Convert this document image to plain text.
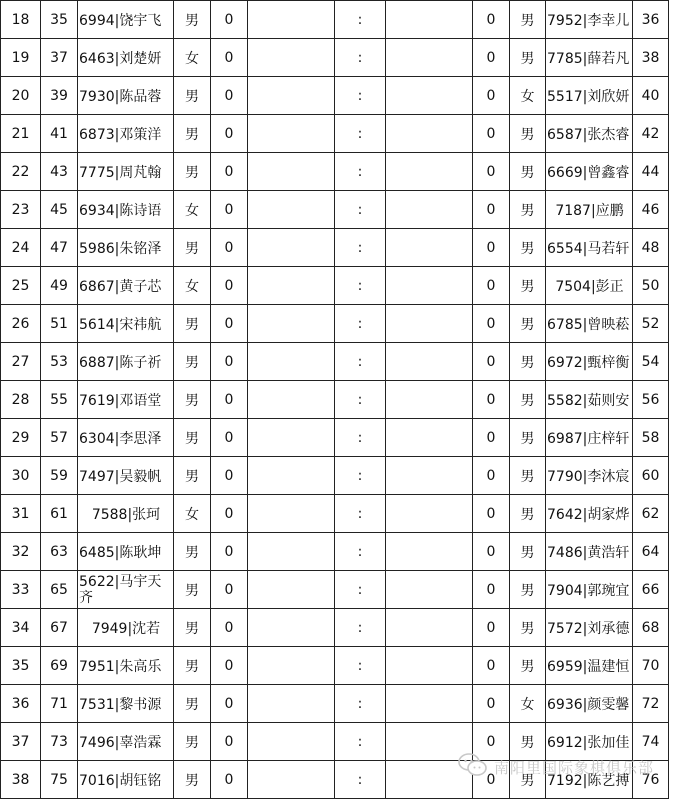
18	35	6994|饶宇飞	男	0		:		0	男	7952|李幸儿	36
19	37	6463|刘楚妍	女	0		:		0	男	7785|薛若凡	38
20	39	7930|陈品蓉	男	0		:		0	女	5517|刘欣妍	40
21	41	6873|邓策洋	男	0		:		0	男	6587|张杰睿	42
22	43	7775|周芃翰	男	0		:		0	男	6669|曾鑫睿	44
23	45	6934|陈诗语	女	0		:		0	男	7187|应鹏	46
24	47	5986|朱铭泽	男	0		:		0	男	6554|马若轩	48
25	49	6867|黄子芯	女	0		:		0	男	7504|彭正	50
26	51	5614|宋祎航	男	0		:		0	男	6785|曾映菘	52
27	53	6887|陈子祈	男	0		:		0	男	6972|甄梓衡	54
28	55	7619|邓语堂	男	0		:		0	男	5582|茹则安	56
29	57	6304|李思泽	男	0		:		0	男	6987|庄梓轩	58
30	59	7497|吴毅帆	男	0		:		0	男	7790|李沐宸	60
31	61	7588|张珂	女	0		:		0	男	7642|胡家烨	62
32	63	6485|陈耿坤	男	0		:		0	男	7486|黄浩轩	64
33	65	5622|马宇天齐	男	0		:		0	男	7904|郭琬宜	66
34	67	7949|沈若	男	0		:		0	男	7572|刘承德	68
35	69	7951|朱高乐	男	0		:		0	男	6959|温建恒	70
36	71	7531|黎书源	男	0		:		0	女	6936|颜雯馨	72
37	73	7496|辜浩霖	男	0		:		0	男	6912|张加佳	74
38	75	7016|胡钰铭	男	0		:		0	男	7192|陈艺搏	76
南阳里国际象棋俱乐部
